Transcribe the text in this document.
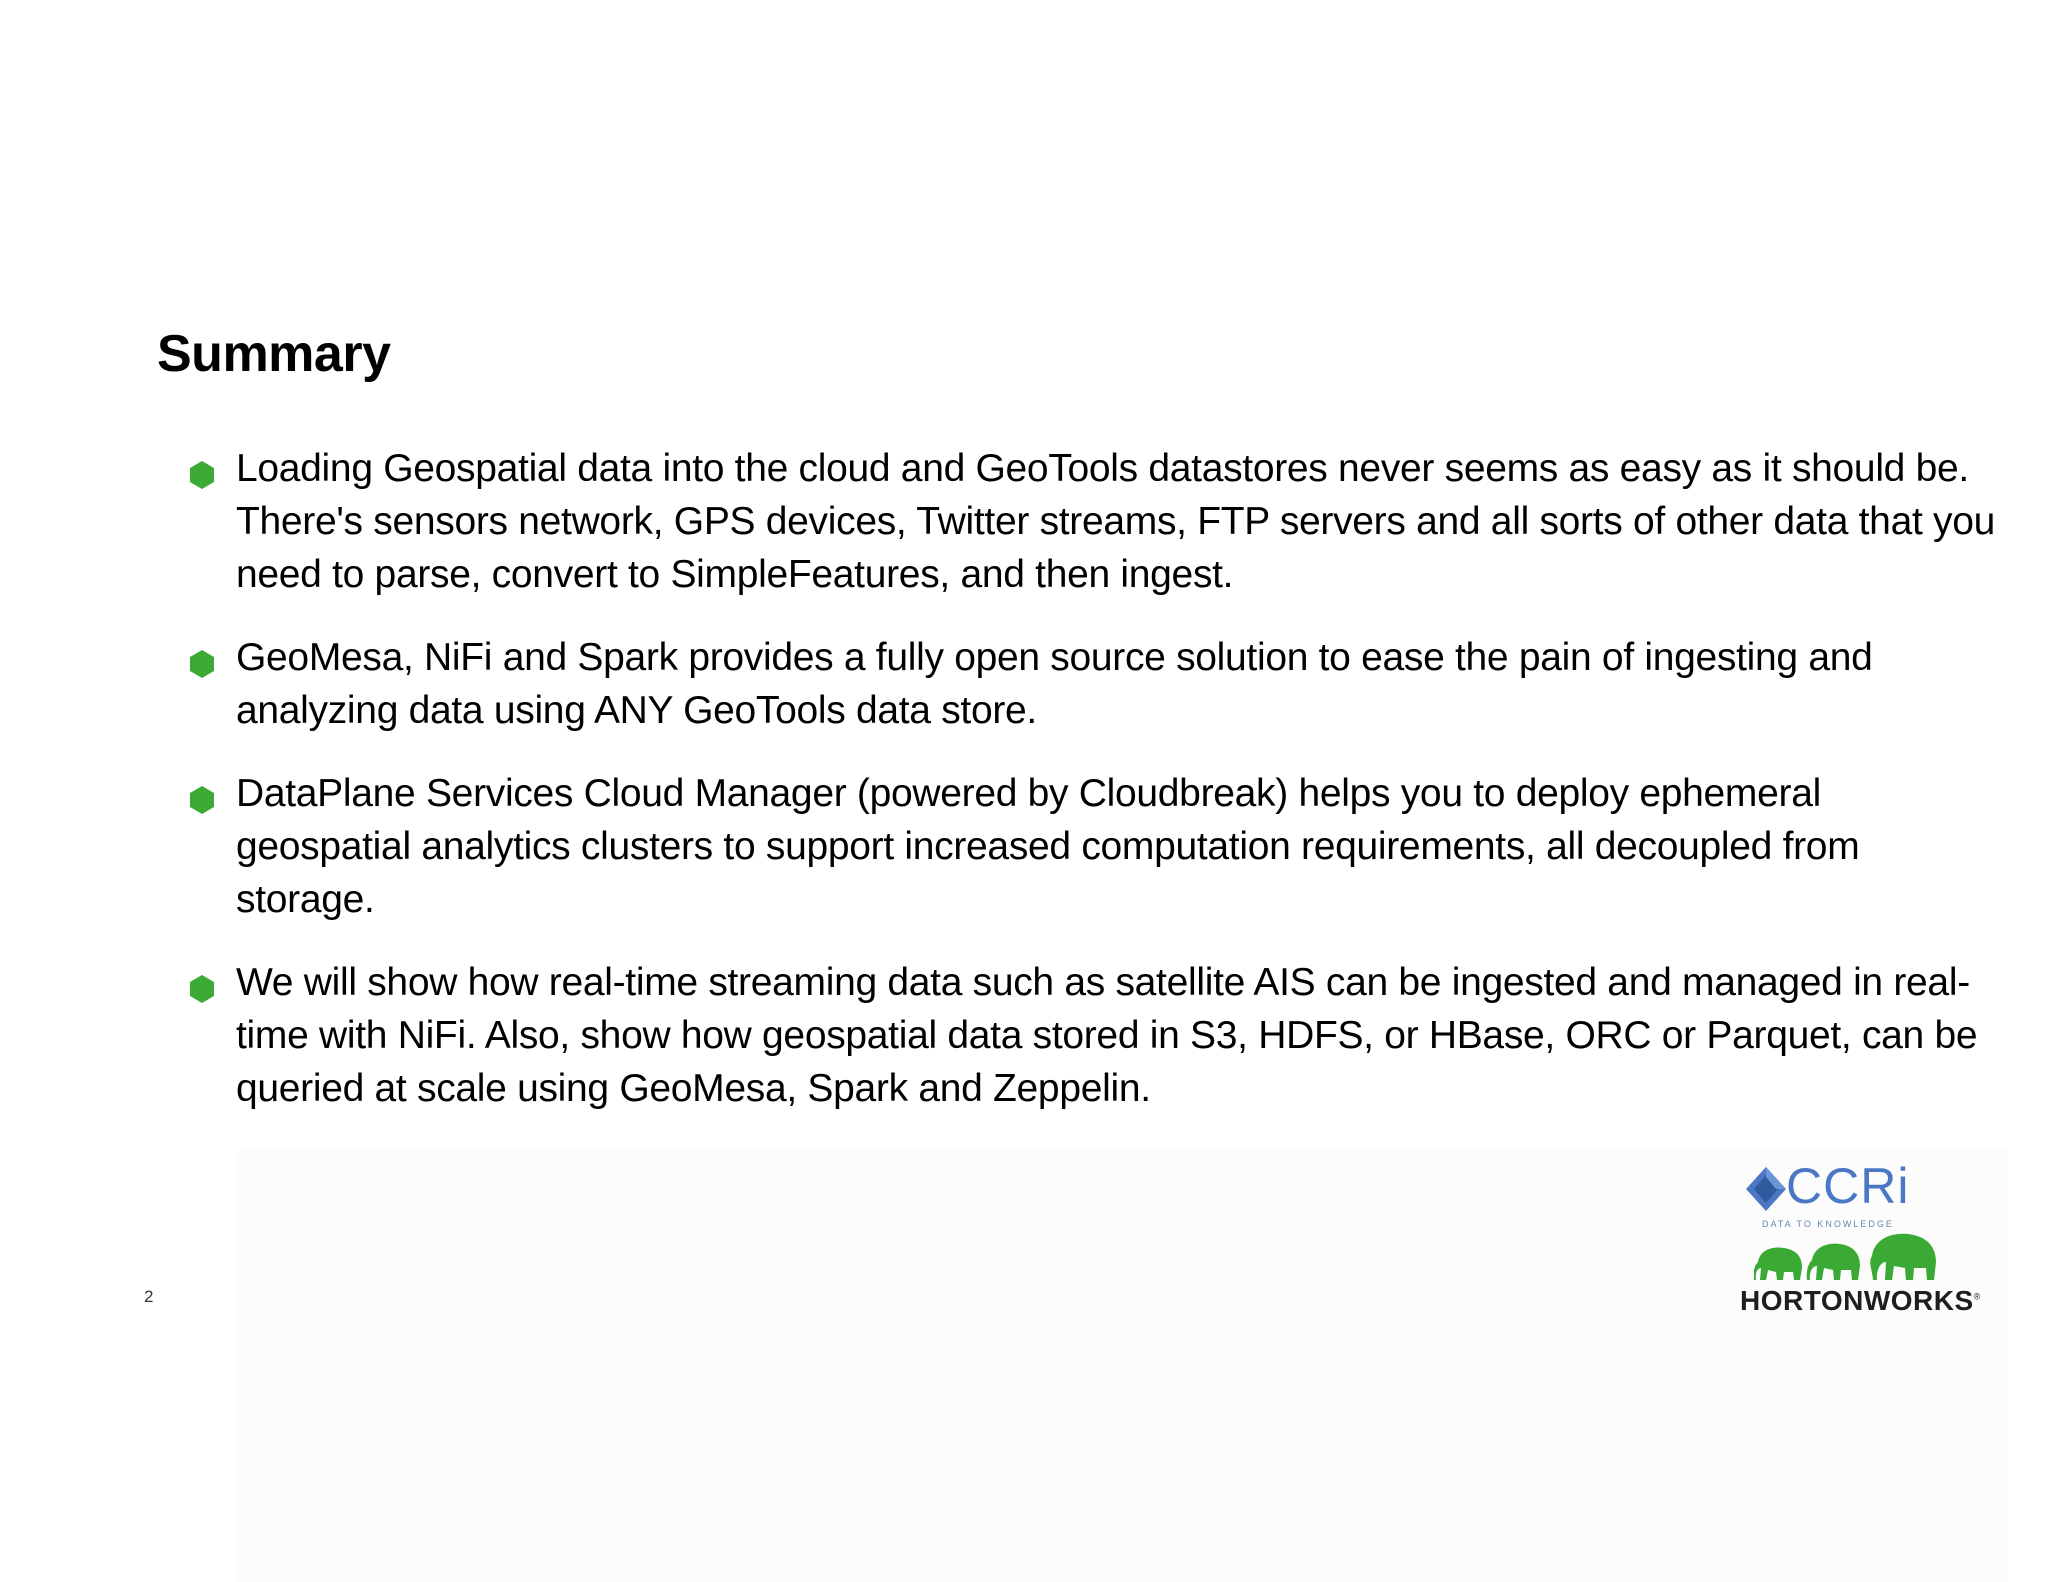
Summary
Loading Geospatial data into the cloud and GeoTools datastores never seems as easy as it should be. There's sensors network, GPS devices, Twitter streams, FTP servers and all sorts of other data that you need to parse, convert to SimpleFeatures, and then ingest.
GeoMesa, NiFi and Spark provides a fully open source solution to ease the pain of ingesting and analyzing data using ANY GeoTools data store.
DataPlane Services Cloud Manager (powered by Cloudbreak) helps you to deploy ephemeral geospatial analytics clusters to support increased computation requirements, all decoupled from storage.
We will show how real-time streaming data such as satellite AIS can be ingested and managed in real-time with NiFi. Also, show how geospatial data stored in S3, HDFS, or HBase, ORC or Parquet, can be queried at scale using GeoMesa, Spark and Zeppelin.
2
CCRi
DATA TO KNOWLEDGE
HORTONWORKS®
